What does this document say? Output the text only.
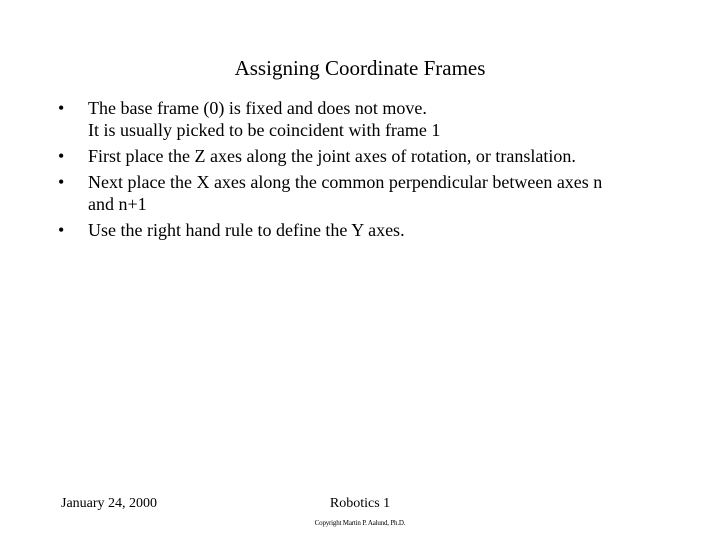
Assigning Coordinate Frames
• The base frame (0) is fixed and does not move.
It is usually picked to be coincident with frame 1
• First place the Z axes along the joint axes of rotation, or translation.
• Next place the X axes along the common perpendicular between axes n
and n+1
• Use the right hand rule to define the Y axes.
January 24, 2000	Robotics 1
Copyright Martin P. Aalund, Ph.D.
